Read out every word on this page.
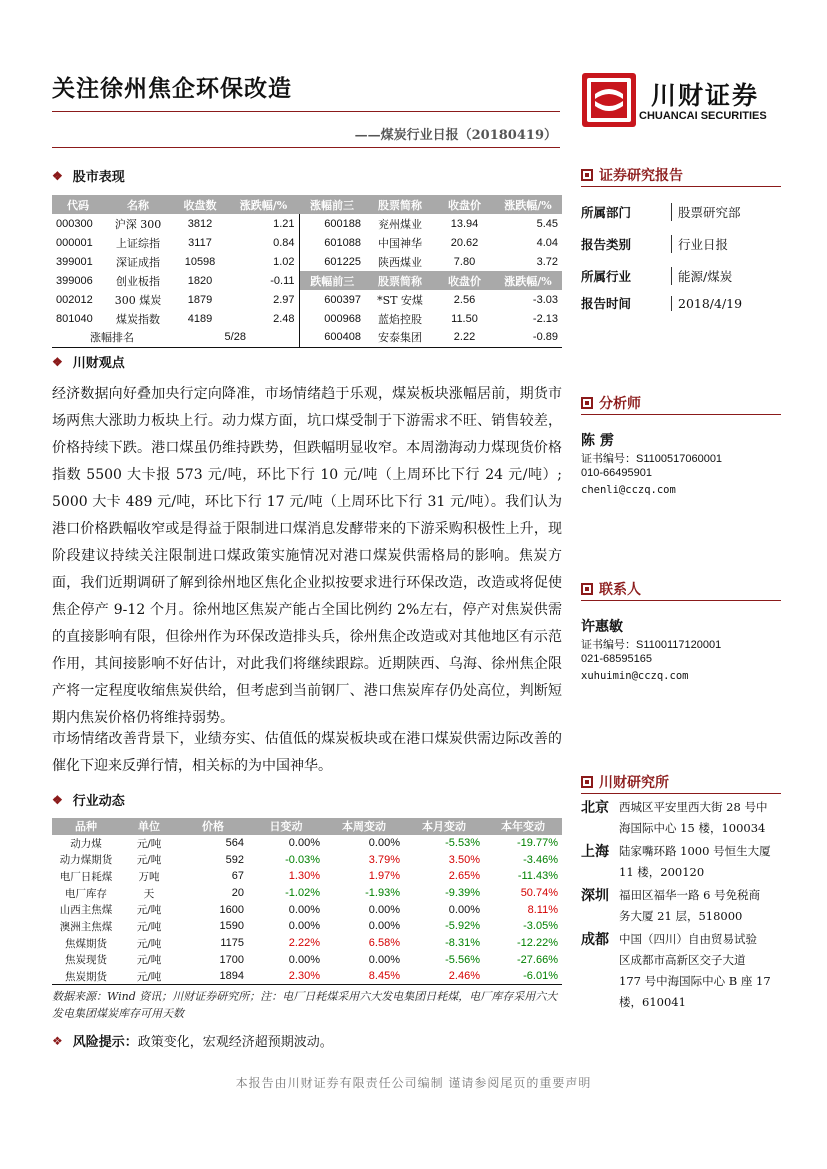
关注徐州焦企环保改造
——煤炭行业日报（20180419）
川财证券
CHUANCAI SECURITIES
❖ 股市表现
代码	名称	收盘数	涨跌幅/%	涨幅前三	股票简称	收盘价	涨跌幅/%
000300	沪深 300	3812	1.21	600188	兖州煤业	13.94	5.45
000001	上证综指	3117	0.84	601088	中国神华	20.62	4.04
399001	深证成指	10598	1.02	601225	陕西煤业	7.80	3.72
399006	创业板指	1820	-0.11	跌幅前三	股票简称	收盘价	涨跌幅/%
002012	300 煤炭	1879	2.97	600397	*ST 安煤	2.56	-3.03
801040	煤炭指数	4189	2.48	000968	蓝焰控股	11.50	-2.13
涨幅排名		5/28		600408	安泰集团	2.22	-0.89
❖ 川财观点

经济数据向好叠加央行定向降准，市场情绪趋于乐观，煤炭板块涨幅居前，期货市场两焦大涨助力板块上行。动力煤方面，坑口煤受制于下游需求不旺、销售较差，价格持续下跌。港口煤虽仍维持跌势，但跌幅明显收窄。本周渤海动力煤现货价格指数 5500 大卡报 573 元/吨，环比下行 10 元/吨（上周环比下行 24 元/吨）; 5000 大卡 489 元/吨，环比下行 17 元/吨（上周环比下行 31 元/吨）。我们认为港口价格跌幅收窄或是得益于限制进口煤消息发酵带来的下游采购积极性上升，现阶段建议持续关注限制进口煤政策实施情况对港口煤炭供需格局的影响。焦炭方面，我们近期调研了解到徐州地区焦化企业拟按要求进行环保改造，改造或将促使焦企停产 9-12 个月。徐州地区焦炭产能占全国比例约 2%左右，停产对焦炭供需的直接影响有限，但徐州作为环保改造排头兵，徐州焦企改造或对其他地区有示范作用，其间接影响不好估计，对此我们将继续跟踪。近期陕西、乌海、徐州焦企限产将一定程度收缩焦炭供给，但考虑到当前钢厂、港口焦炭库存仍处高位，判断短期内焦炭价格仍将维持弱势。

市场情绪改善背景下，业绩夯实、估值低的煤炭板块或在港口煤炭供需边际改善的催化下迎来反弹行情，相关标的为中国神华。

❖ 行业动态
品种	单位	价格	日变动	本周变动	本月变动	本年变动
动力煤	元/吨	564	0.00%	0.00%	-5.53%	-19.77%
动力煤期货	元/吨	592	-0.03%	3.79%	3.50%	-3.46%
电厂日耗煤	万吨	67	1.30%	1.97%	2.65%	-11.43%
电厂库存	天	20	-1.02%	-1.93%	-9.39%	50.74%
山西主焦煤	元/吨	1600	0.00%	0.00%	0.00%	8.11%
澳洲主焦煤	元/吨	1590	0.00%	0.00%	-5.92%	-3.05%
焦煤期货	元/吨	1175	2.22%	6.58%	-8.31%	-12.22%
焦炭现货	元/吨	1700	0.00%	0.00%	-5.56%	-27.66%
焦炭期货	元/吨	1894	2.30%	8.45%	2.46%	-6.01%
数据来源：Wind 资讯；川财证券研究所；注：电厂日耗煤采用六大发电集团日耗煤，电厂库存采用六大发电集团煤炭库存可用天数
❖ 风险提示： 政策变化，宏观经济超预期波动。
证券研究报告
所属部门	股票研究部
报告类别	行业日报
所属行业	能源/煤炭
报告时间	2018/4/19
分析师
陈 雳
证书编号：S1100517060001
010-66495901
chenli@cczq.com
联系人
许惠敏
证书编号：S1100117120001
021-68595165
xuhuimin@cczq.com
川财研究所
北京 西城区平安里西大街 28 号中
海国际中心 15 楼，100034
上海 陆家嘴环路 1000 号恒生大厦
11 楼，200120
深圳 福田区福华一路 6 号免税商
务大厦 21 层，518000
成都 中国（四川）自由贸易试验
区成都市高新区交子大道
177 号中海国际中心 B 座 17
楼，610041
本报告由川财证券有限责任公司编制 谨请参阅尾页的重要声明
